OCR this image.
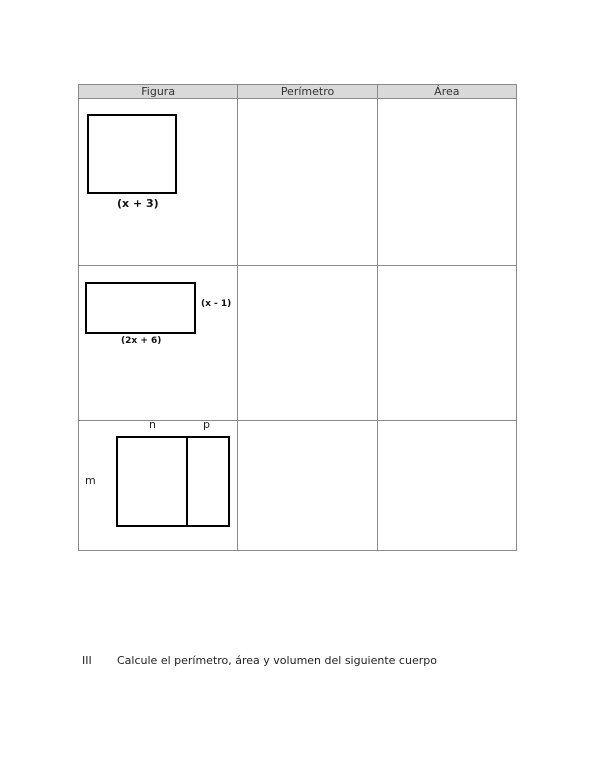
Figura	Perímetro	Área

(x + 3)		

(x - 1)
(2x + 6)		

n p
m		

III Calcule el perímetro, área y volumen del siguiente cuerpo
